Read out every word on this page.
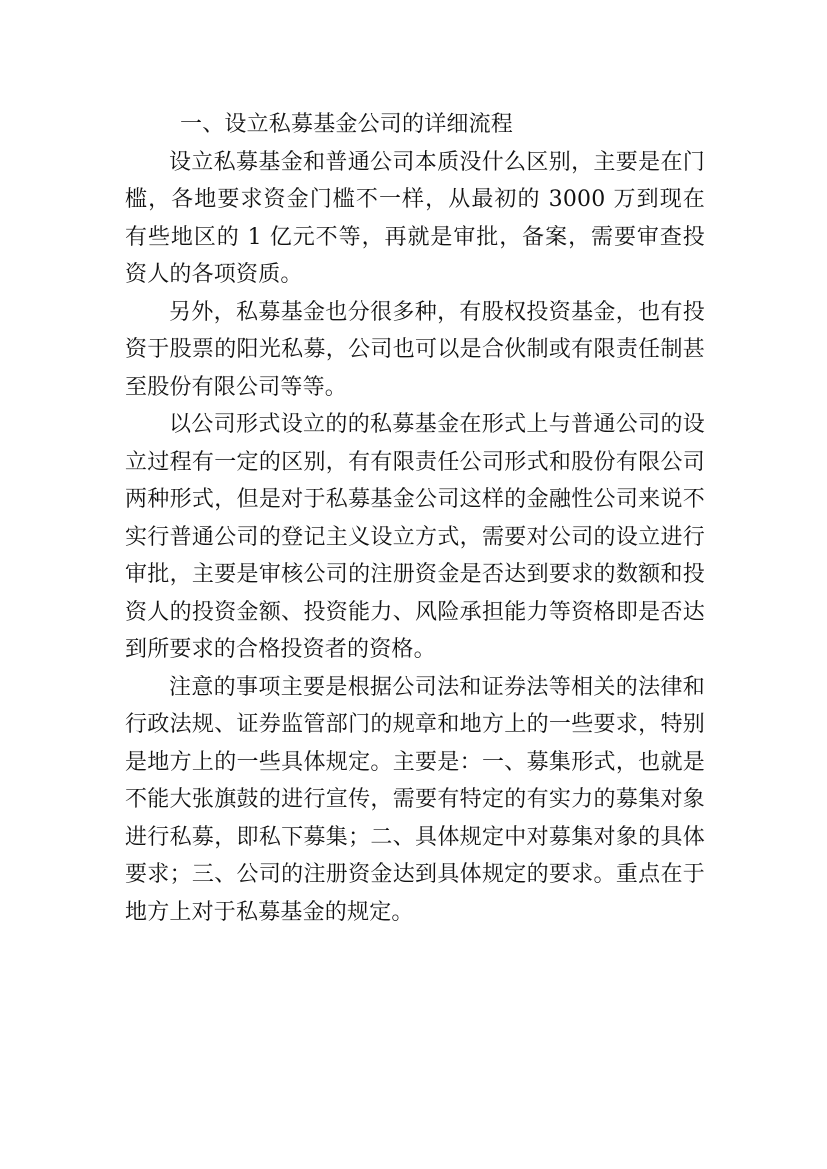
一、设立私募基金公司的详细流程

设立私募基金和普通公司本质没什么区别，主要是在门槛，各地要求资金门槛不一样，从最初的 3000 万到现在有些地区的 1 亿元不等，再就是审批，备案，需要审查投资人的各项资质。

另外，私募基金也分很多种，有股权投资基金，也有投资于股票的阳光私募，公司也可以是合伙制或有限责任制甚至股份有限公司等等。

以公司形式设立的的私募基金在形式上与普通公司的设立过程有一定的区别，有有限责任公司形式和股份有限公司两种形式，但是对于私募基金公司这样的金融性公司来说不实行普通公司的登记主义设立方式，需要对公司的设立进行审批，主要是审核公司的注册资金是否达到要求的数额和投资人的投资金额、投资能力、风险承担能力等资格即是否达到所要求的合格投资者的资格。

注意的事项主要是根据公司法和证券法等相关的法律和行政法规、证券监管部门的规章和地方上的一些要求，特别是地方上的一些具体规定。主要是：一、募集形式，也就是不能大张旗鼓的进行宣传，需要有特定的有实力的募集对象进行私募，即私下募集；二、具体规定中对募集对象的具体要求；三、公司的注册资金达到具体规定的要求。重点在于地方上对于私募基金的规定。
